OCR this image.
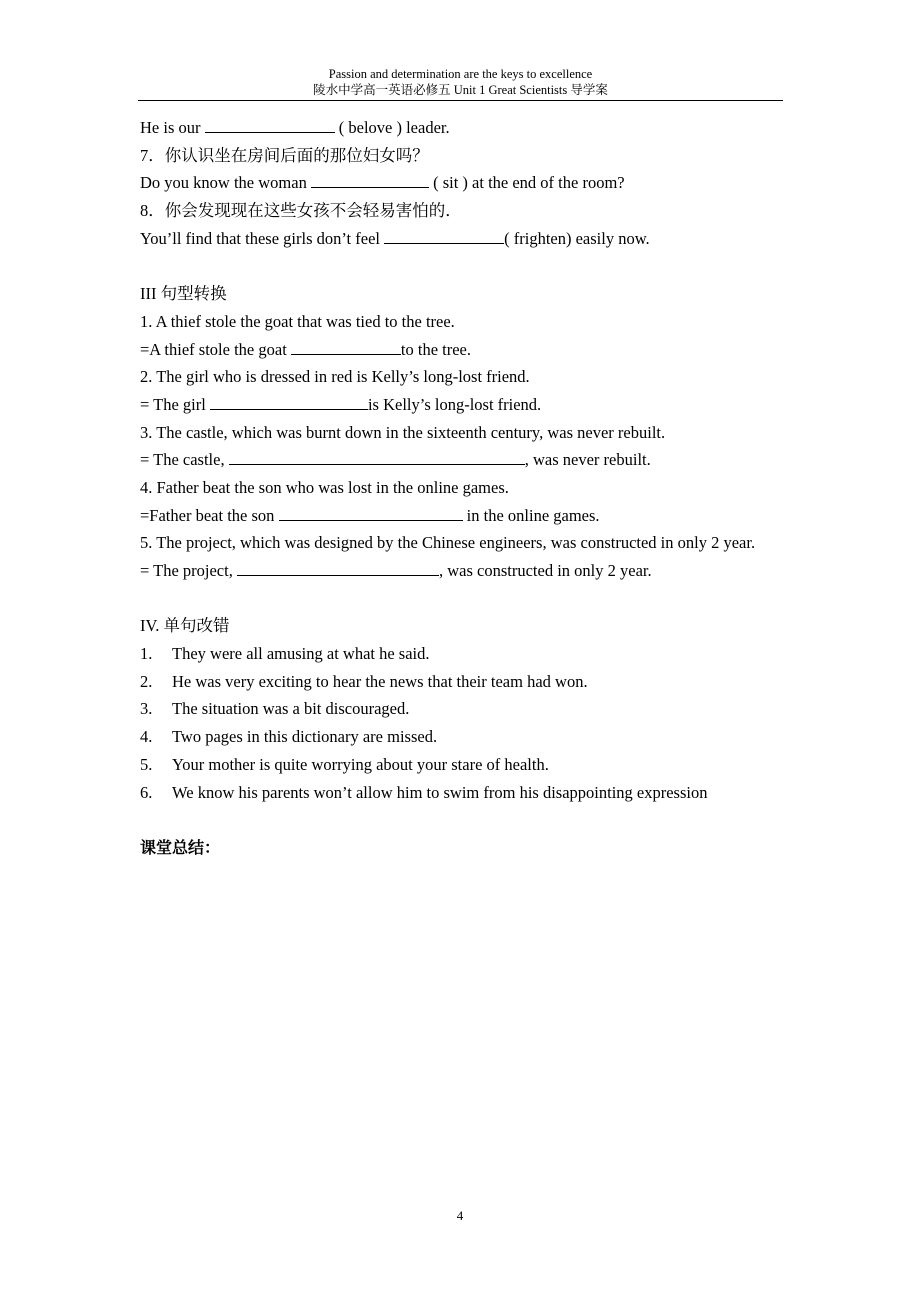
Passion and determination are the keys to excellence
陵水中学高一英语必修五 Unit 1 Great Scientists 导学案
He is our	( belove ) leader.
7．你认识坐在房间后面的那位妇女吗？
Do you know the woman	( sit ) at the end of the room?
8．你会发现现在这些女孩不会轻易害怕的．
You’ll find that these girls don’t feel	( frighten) easily now.
III 句型转换
1. A thief stole the goat that was tied to the tree.
=A thief stole the goat	to the tree.
2. The girl who is dressed in red is Kelly’s long-lost friend.
= The girl	is Kelly’s long-lost friend.
3. The castle, which was burnt down in the sixteenth century, was never rebuilt.
= The castle,	, was never rebuilt.
4. Father beat the son who was lost in the online games.
=Father beat the son	in the online games.
5. The project, which was designed by the Chinese engineers, was constructed in only 2 year.
= The project,	, was constructed in only 2 year.
IV. 单句改错
1. They were all amusing at what he said.
2. He was very exciting to hear the news that their team had won.
3. The situation was a bit discouraged.
4. Two pages in this dictionary are missed.
5. Your mother is quite worrying about your stare of health.
6. We know his parents won’t allow him to swim from his disappointing expression
课堂总结：
4
